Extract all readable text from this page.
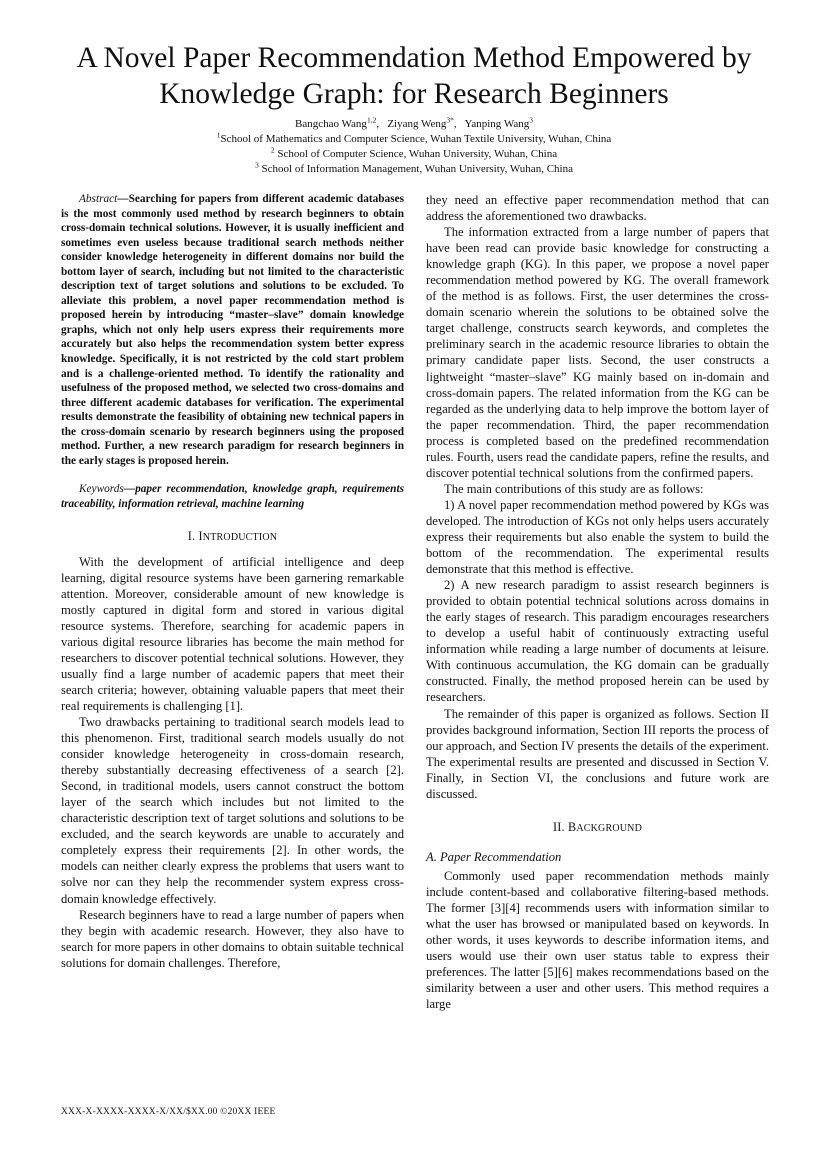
A Novel Paper Recommendation Method Empowered by
Knowledge Graph: for Research Beginners
Bangchao Wang$^{1,2}$,   Ziyang Weng$^{3*}$,   Yanping Wang$^3$
$^1$School of Mathematics and Computer Science, Wuhan Textile University, Wuhan, China
$^2$ School of Computer Science, Wuhan University, Wuhan, China
$^3$ School of Information Management, Wuhan University, Wuhan, China

Abstract—Searching for papers from different academic databases is the most commonly used method by research beginners to obtain cross-domain technical solutions. However, it is usually inefficient and sometimes even useless because traditional search methods neither consider knowledge heterogeneity in different domains nor build the bottom layer of search, including but not limited to the characteristic description text of target solutions and solutions to be excluded. To alleviate this problem, a novel paper recommendation method is proposed herein by introducing “master–slave” domain knowledge graphs, which not only help users express their requirements more accurately but also helps the recommendation system better express knowledge. Specifically, it is not restricted by the cold start problem and is a challenge-oriented method. To identify the rationality and usefulness of the proposed method, we selected two cross-domains and three different academic databases for verification. The experimental results demonstrate the feasibility of obtaining new technical papers in the cross-domain scenario by research beginners using the proposed method. Further, a new research paradigm for research beginners in the early stages is proposed herein.

Keywords—paper recommendation, knowledge graph, requirements traceability, information retrieval, machine learning

I. INTRODUCTION

With the development of artificial intelligence and deep learning, digital resource systems have been garnering remarkable attention. Moreover, considerable amount of new knowledge is mostly captured in digital form and stored in various digital resource systems. Therefore, searching for academic papers in various digital resource libraries has become the main method for researchers to discover potential technical solutions. However, they usually find a large number of academic papers that meet their search criteria; however, obtaining valuable papers that meet their real requirements is challenging [1].

Two drawbacks pertaining to traditional search models lead to this phenomenon. First, traditional search models usually do not consider knowledge heterogeneity in cross-domain research, thereby substantially decreasing effectiveness of a search [2]. Second, in traditional models, users cannot construct the bottom layer of the search which includes but not limited to the characteristic description text of target solutions and solutions to be excluded, and the search keywords are unable to accurately and completely express their requirements [2]. In other words, the models can neither clearly express the problems that users want to solve nor can they help the recommender system express cross-domain knowledge effectively.

Research beginners have to read a large number of papers when they begin with academic research. However, they also have to search for more papers in other domains to obtain suitable technical solutions for domain challenges. Therefore,

they need an effective paper recommendation method that can address the aforementioned two drawbacks.

The information extracted from a large number of papers that have been read can provide basic knowledge for constructing a knowledge graph (KG). In this paper, we propose a novel paper recommendation method powered by KG. The overall framework of the method is as follows. First, the user determines the cross-domain scenario wherein the solutions to be obtained solve the target challenge, constructs search keywords, and completes the preliminary search in the academic resource libraries to obtain the primary candidate paper lists. Second, the user constructs a lightweight “master–slave” KG mainly based on in-domain and cross-domain papers. The related information from the KG can be regarded as the underlying data to help improve the bottom layer of the paper recommendation. Third, the paper recommendation process is completed based on the predefined recommendation rules. Fourth, users read the candidate papers, refine the results, and discover potential technical solutions from the confirmed papers.

The main contributions of this study are as follows:

1) A novel paper recommendation method powered by KGs was developed. The introduction of KGs not only helps users accurately express their requirements but also enable the system to build the bottom of the recommendation. The experimental results demonstrate that this method is effective.

2) A new research paradigm to assist research beginners is provided to obtain potential technical solutions across domains in the early stages of research. This paradigm encourages researchers to develop a useful habit of continuously extracting useful information while reading a large number of documents at leisure. With continuous accumulation, the KG domain can be gradually constructed. Finally, the method proposed herein can be used by researchers.

The remainder of this paper is organized as follows. Section II provides background information, Section III reports the process of our approach, and Section IV presents the details of the experiment. The experimental results are presented and discussed in Section V. Finally, in Section VI, the conclusions and future work are discussed.

II. BACKGROUND
A. Paper Recommendation

Commonly used paper recommendation methods mainly include content-based and collaborative filtering-based methods. The former [3][4] recommends users with information similar to what the user has browsed or manipulated based on keywords. In other words, it uses keywords to describe information items, and users would use their own user status table to express their preferences. The latter [5][6] makes recommendations based on the similarity between a user and other users. This method requires a large

XXX-X-XXXX-XXXX-X/XX/$XX.00 ©20XX IEEE
